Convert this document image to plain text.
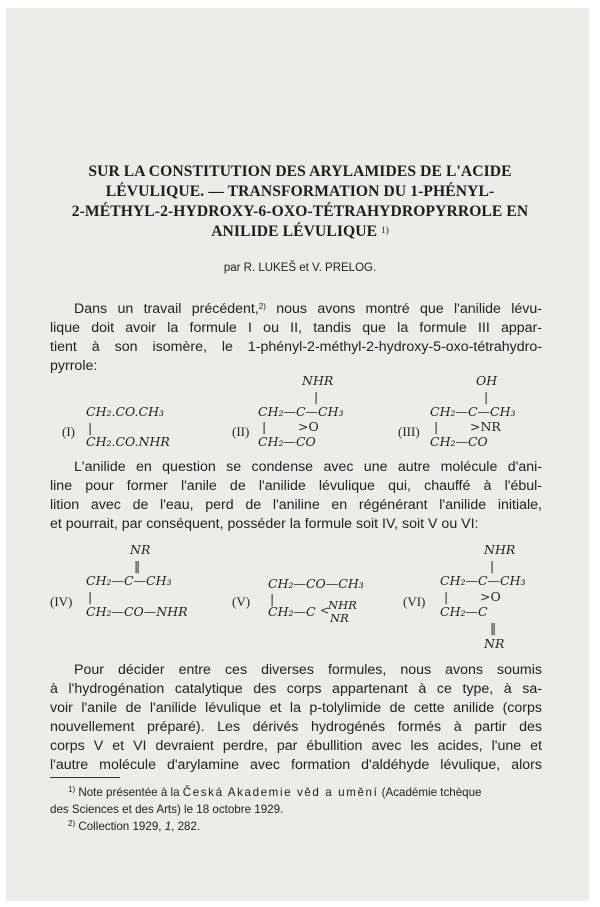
SUR LA CONSTITUTION DES ARYLAMIDES DE L'ACIDE
LÉVULIQUE. — TRANSFORMATION DU 1-PHÉNYL-
2-MÉTHYL-2-HYDROXY-6-OXO-TÉTRAHYDROPYRROLE EN
ANILIDE LÉVULIQUE $^{1)}$
par R. LUKEŠ et V. PRELOG.
Dans un travail précédent,$^{2)}$ nous avons montré que l'anilide lévu-
lique doit avoir la formule I ou II, tandis que la formule III appar-
tient à son isomère, le 1-phényl-2-méthyl-2-hydroxy-5-oxo-tétrahydro-
pyrrole:
(I)
CH₂.CO.CH₃
|
CH₂.CO.NHR
(II)
NHR
|
CH₂—C—CH₃
|        >O
CH₂—CO
(III)
OH
|
CH₂—C—CH₃
|        >NR
CH₂—CO
L'anilide en question se condense avec une autre molécule d'ani-
line pour former l'anile de l'anilide lévulique qui, chauffé à l'ébul-
lition avec de l'eau, perd de l'aniline en régénérant l'anilide initiale,
et pourrait, par conséquent, posséder la formule soit IV, soit V ou VI:
(IV)
NR
‖
CH₂—C—CH₃
|
CH₂—CO—NHR
(V)
CH₂—CO—CH₃
|
CH₂—C <
NHR
NR
(VI)
NHR
|
CH₂—C—CH₃
|        >O
CH₂—C
‖
NR
Pour décider entre ces diverses formules, nous avons soumis
à l'hydrogénation catalytique des corps appartenant à ce type, à sa-
voir l'anile de l'anilide lévulique et la p-tolylimide de cette anilide (corps
nouvellement préparé). Les dérivés hydrogénés formés à partir des
corps V et VI devraient perdre, par ébullition avec les acides, l'une et
l'autre molécule d'arylamine avec formation d'aldéhyde lévulique, alors
$^{1)}$ Note présentée à la Česká Akademie věd a umění (Académie tchèque
des Sciences et des Arts) le 18 octobre 1929.
$^{2)}$ Collection 1929, 1, 282.
